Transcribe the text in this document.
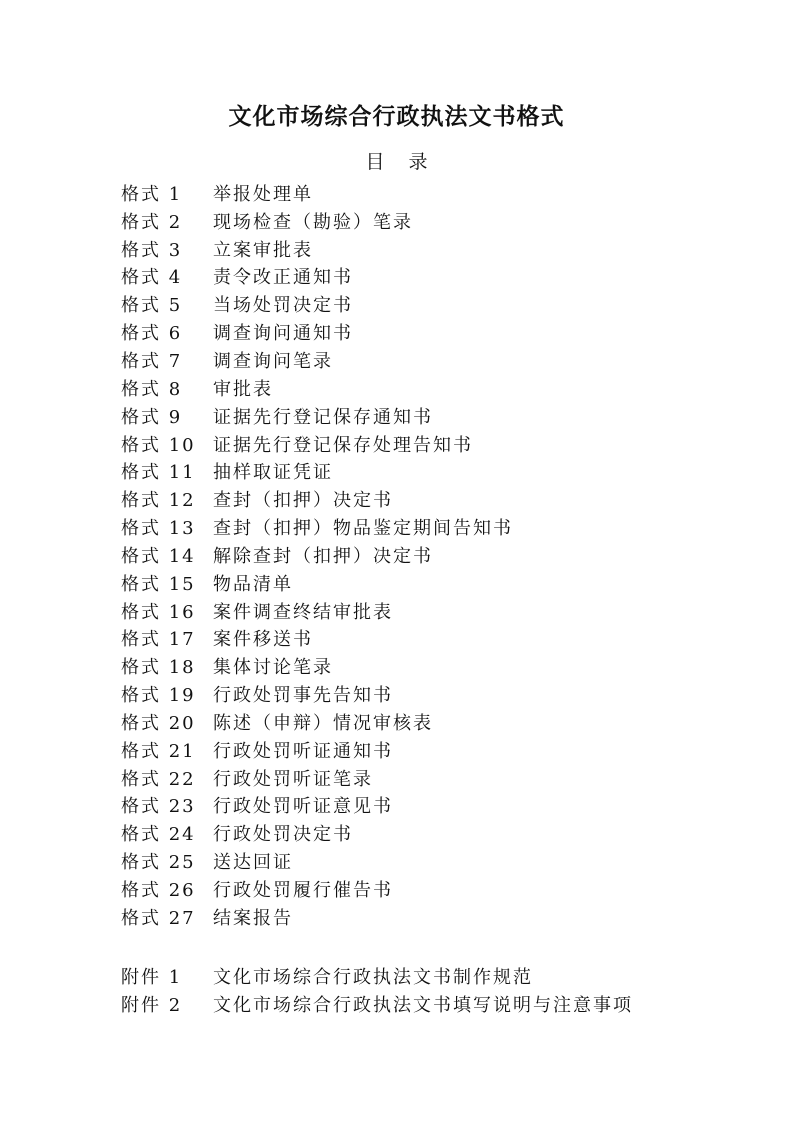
文化市场综合行政执法文书格式
目录
格式 1	举报处理单
格式 2	现场检查（勘验）笔录
格式 3	立案审批表
格式 4	责令改正通知书
格式 5	当场处罚决定书
格式 6	调查询问通知书
格式 7	调查询问笔录
格式 8	审批表
格式 9	证据先行登记保存通知书
格式 10 证据先行登记保存处理告知书
格式 11 抽样取证凭证
格式 12 查封（扣押）决定书
格式 13 查封（扣押）物品鉴定期间告知书
格式 14 解除查封（扣押）决定书
格式 15 物品清单
格式 16 案件调查终结审批表
格式 17 案件移送书
格式 18 集体讨论笔录
格式 19 行政处罚事先告知书
格式 20 陈述（申辩）情况审核表
格式 21 行政处罚听证通知书
格式 22 行政处罚听证笔录
格式 23 行政处罚听证意见书
格式 24 行政处罚决定书
格式 25 送达回证
格式 26 行政处罚履行催告书
格式 27 结案报告
附件 1	文化市场综合行政执法文书制作规范
附件 2	文化市场综合行政执法文书填写说明与注意事项
